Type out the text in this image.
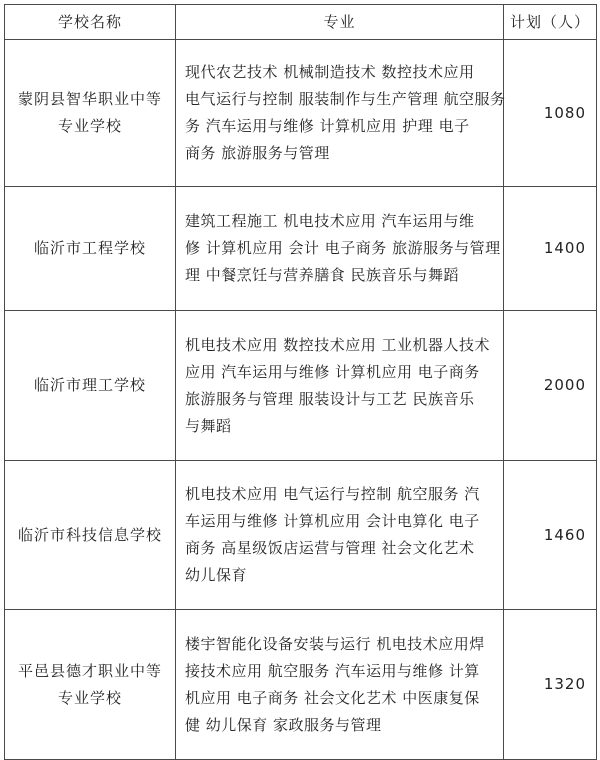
学校名称	专业	计划（人）

蒙阴县智华职业中等
专业学校	现代农艺技术 机械制造技术 数控技术应用
电气运行与控制 服装制作与生产管理 航空服务
务 汽车运用与维修 计算机应用 护理 电子
商务 旅游服务与管理	1080

临沂市工程学校	建筑工程施工 机电技术应用 汽车运用与维
修 计算机应用 会计 电子商务 旅游服务与管理
理 中餐烹饪与营养膳食 民族音乐与舞蹈	1400

临沂市理工学校	机电技术应用 数控技术应用 工业机器人技术
应用 汽车运用与维修 计算机应用 电子商务
旅游服务与管理 服装设计与工艺 民族音乐
与舞蹈	2000

临沂市科技信息学校	机电技术应用 电气运行与控制 航空服务 汽
车运用与维修 计算机应用 会计电算化 电子
商务 高星级饭店运营与管理 社会文化艺术
幼儿保育	1460

平邑县德才职业中等
专业学校	楼宇智能化设备安装与运行 机电技术应用焊
接技术应用 航空服务 汽车运用与维修 计算
机应用 电子商务 社会文化艺术 中医康复保
健 幼儿保育 家政服务与管理	1320
